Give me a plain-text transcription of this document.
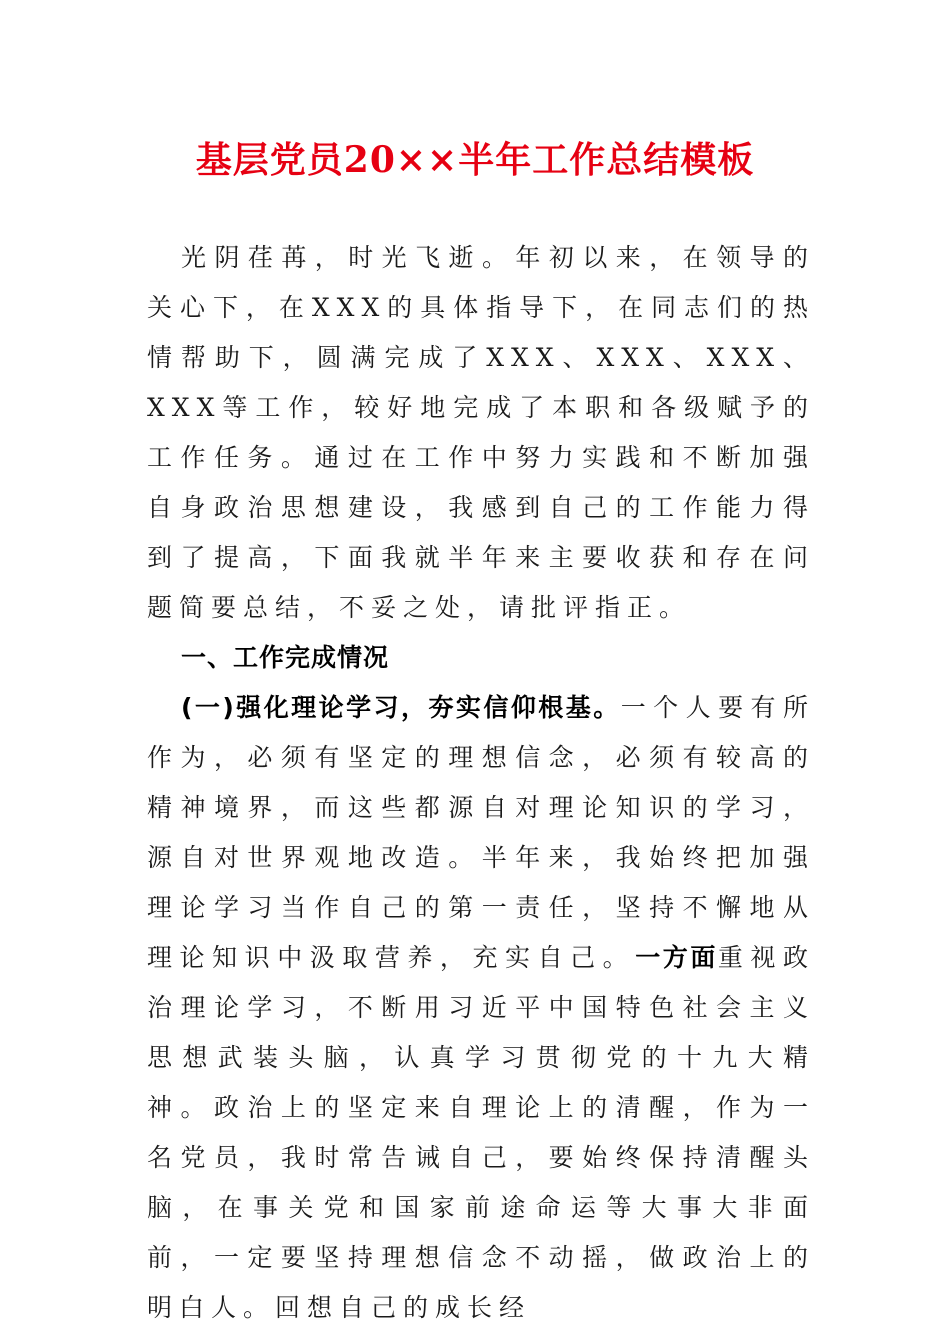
基层党员20××半年工作总结模板

光阴荏苒，时光飞逝。年初以来，在领导的关心下，在XXX的具体指导下，在同志们的热情帮助下，圆满完成了XXX、XXX、XXX、XXX等工作，较好地完成了本职和各级赋予的工作任务。通过在工作中努力实践和不断加强自身政治思想建设，我感到自己的工作能力得到了提高，下面我就半年来主要收获和存在问题简要总结，不妥之处，请批评指正。

一、工作完成情况

(一)强化理论学习，夯实信仰根基。一个人要有所作为，必须有坚定的理想信念，必须有较高的精神境界，而这些都源自对理论知识的学习，源自对世界观地改造。半年来，我始终把加强理论学习当作自己的第一责任，坚持不懈地从理论知识中汲取营养，充实自己。一方面重视政治理论学习，不断用习近平中国特色社会主义思想武装头脑，认真学习贯彻党的十九大精神。政治上的坚定来自理论上的清醒，作为一名党员，我时常告诫自己，要始终保持清醒头脑，在事关党和国家前途命运等大事大非面前，一定要坚持理想信念不动摇，做政治上的明白人。回想自己的成长经
